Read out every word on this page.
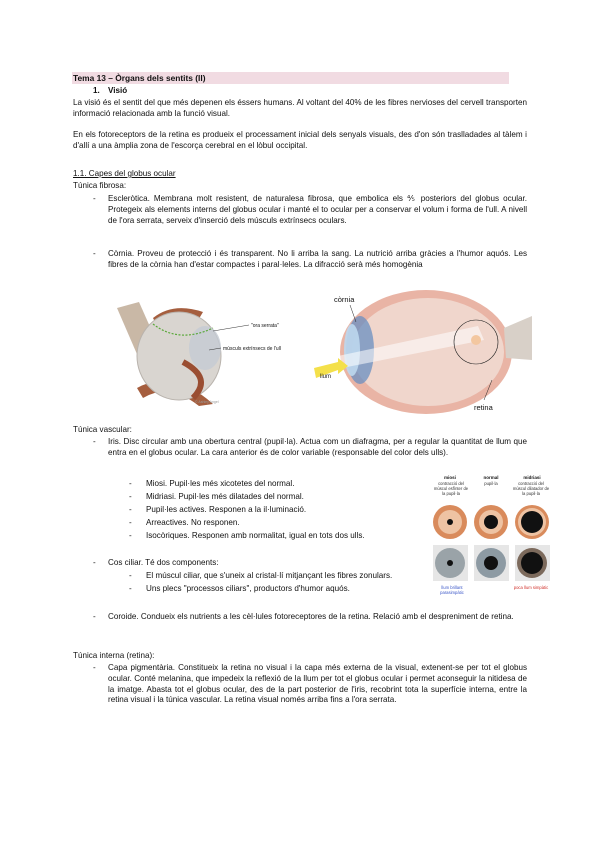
Tema 13 – Òrgans dels sentits (II)
1. Visió
La visió és el sentit del que més depenen els éssers humans. Al voltant del 40% de les fibres nervioses del cervell transporten informació relacionada amb la funció visual.
En els fotoreceptors de la retina es produeix el processament inicial dels senyals visuals, des d'on són traslladades al tàlem i d'allí a una àmplia zona de l'escorça cerebral en el lòbul occipital.
1.1. Capes del globus ocular
Túnica fibrosa:
- Escleròtica. Membrana molt resistent, de naturalesa fibrosa, que embolica els ⅘ posteriors del globus ocular. Protegeix als elements interns del globus ocular i manté el to ocular per a conservar el volum i forma de l'ull. A nivell de l'ora serrata, serveix d'inserció dels músculs extrínsecs oculars.
- Còrnia. Proveu de protecció i és transparent. No li arriba la sang. La nutrició arriba gràcies a l'humor aquós. Les fibres de la còrnia han d'estar compactes i paral·leles. La difracció serà més homogènia
"ora serrata"
músculs extrínsecs de l'ull
© Ashley Angel
còrnia
llum
retina
Túnica vascular:
- Iris. Disc circular amb una obertura central (pupil·la). Actua com un diafragma, per a regular la quantitat de llum que entra en el globus ocular. La cara anterior és de color variable (responsable del color dels ulls).
- Miosi. Pupil·les més xicotetes del normal.
- Midriasi. Pupil·les més dilatades del normal.
- Pupil·les actives. Responen a la il·luminació.
- Arreactives. No responen.
- Isocòriques. Responen amb normalitat, igual en tots dos ulls.
- Cos ciliar. Té dos components:
- El múscul ciliar, que s'uneix al cristal·lí mitjançant les fibres zonulars.
- Uns plecs "processos ciliars", productors d'humor aquós.
- Coroide. Condueix els nutrients a les cèl·lules fotoreceptores de la retina. Relació amb el despreniment de retina.
miosi	normal	midriasi
contracció del múscul esfínter de la pupil·la
pupil·la	contracció del múscul dilatador de la pupil·la
llum brillant parasimpàtic
poca llum simpàtic
Túnica interna (retina):
- Capa pigmentària. Constitueix la retina no visual i la capa més externa de la visual, extenent-se per tot el globus ocular. Conté melanina, que impedeix la reflexió de la llum per tot el globus ocular i permet aconseguir la nitidesa de la imatge. Abasta tot el globus ocular, des de la part posterior de l'iris, recobrint tota la superfície interna, entre la retina visual i la túnica vascular. La retina visual només arriba fins a l'ora serrata.
